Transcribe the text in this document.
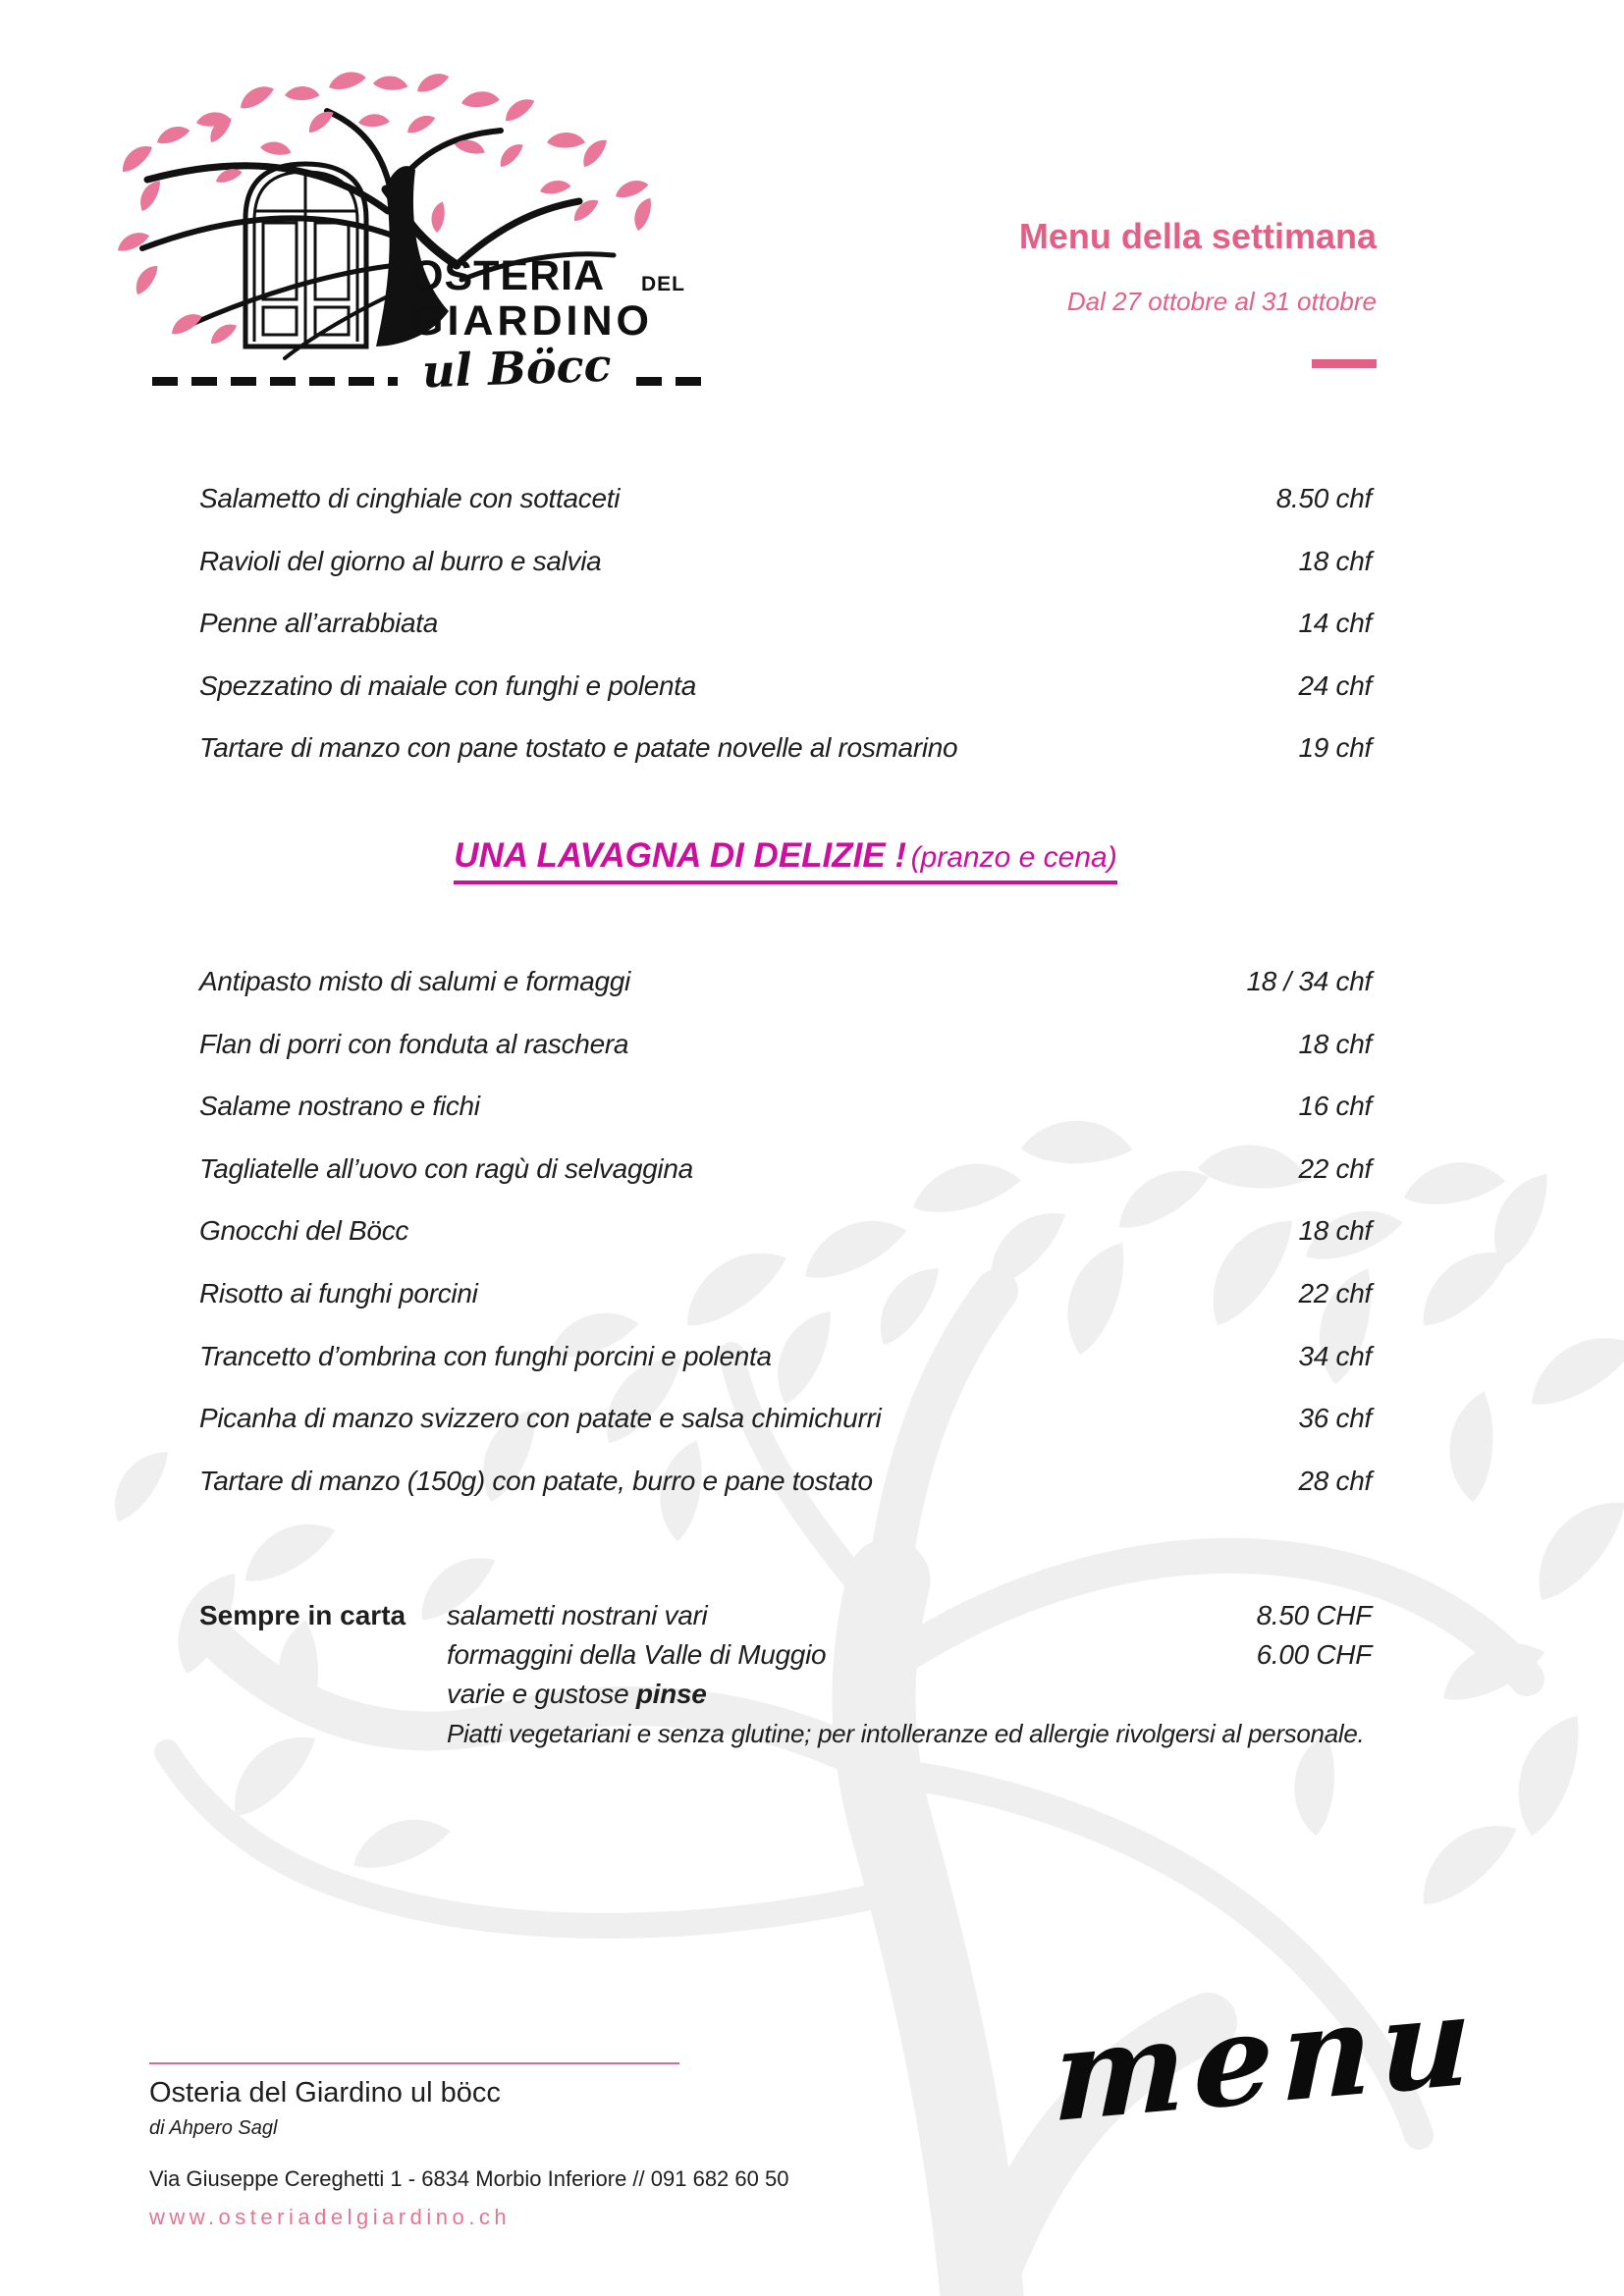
OSTERIA DEL
GIARDINO
ul Böcc
Menu della settimana
Dal 27 ottobre al 31 ottobre
Salametto di cinghiale con sottaceti	8.50 chf
Ravioli del giorno al burro e salvia	18 chf
Penne all’arrabbiata	14 chf
Spezzatino di maiale con funghi e polenta	24 chf
Tartare di manzo con pane tostato e patate novelle al rosmarino	19 chf
UNA LAVAGNA DI DELIZIE ! (pranzo e cena)
Antipasto misto di salumi e formaggi	18 / 34 chf
Flan di porri con fonduta al raschera	18 chf
Salame nostrano e fichi	16 chf
Tagliatelle all’uovo con ragù di selvaggina	22 chf
Gnocchi del Böcc	18 chf
Risotto ai funghi porcini	22 chf
Trancetto d’ombrina con funghi porcini e polenta	34 chf
Picanha di manzo svizzero con patate e salsa chimichurri	36 chf
Tartare di manzo (150g) con patate, burro e pane tostato	28 chf
Sempre in carta salametti nostrani vari	8.50 CHF
formaggini della Valle di Muggio	6.00 CHF
varie e gustose pinse
Piatti vegetariani e senza glutine; per intolleranze ed allergie rivolgersi al personale.
Osteria del Giardino ul böcc
di Ahpero Sagl
Via Giuseppe Cereghetti 1 - 6834 Morbio Inferiore // 091 682 60 50
www.osteriadelgiardino.ch
menu
